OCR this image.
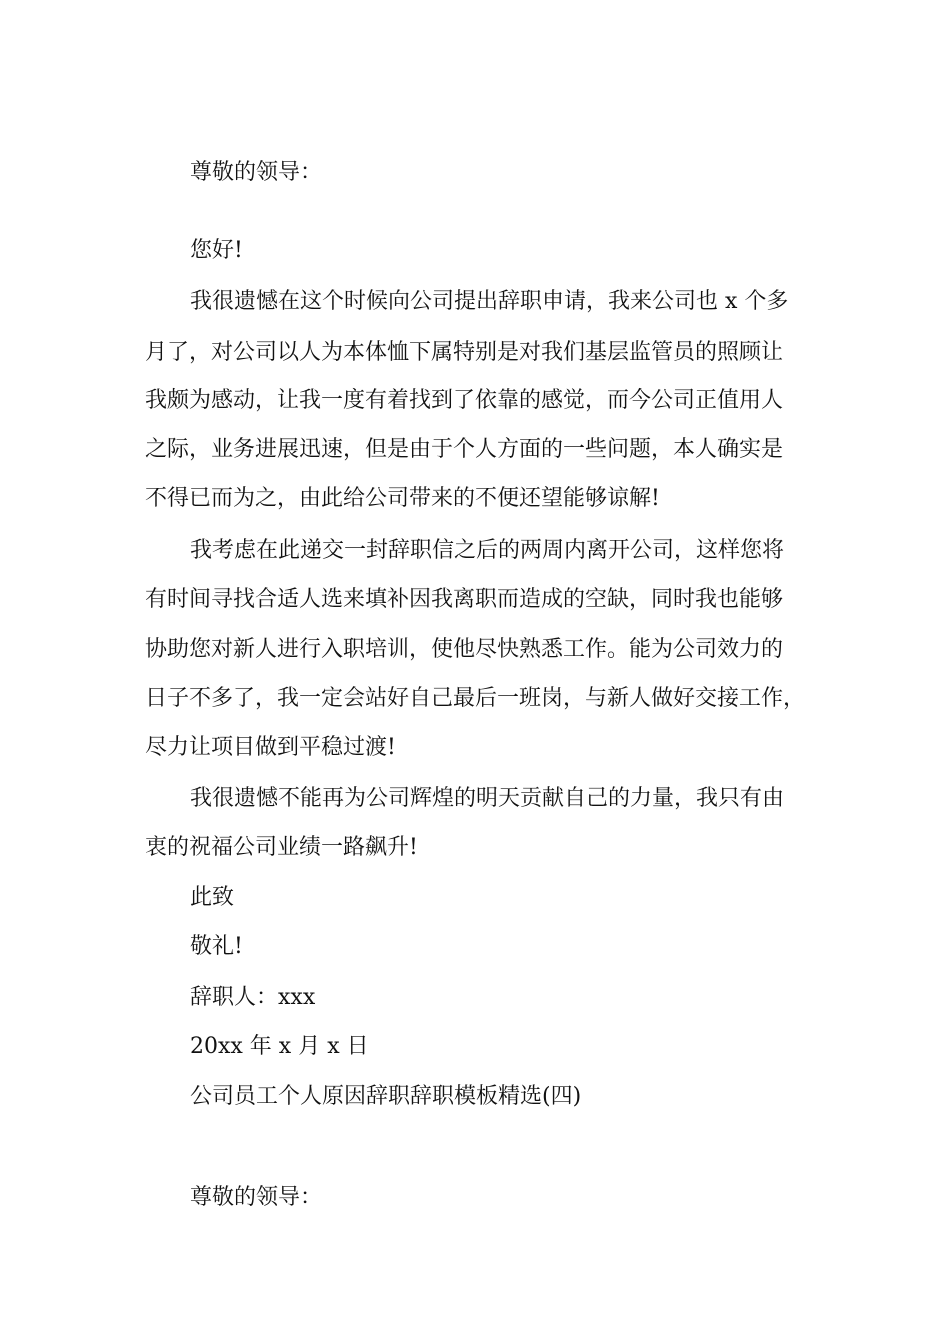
尊敬的领导：
您好!
我很遗憾在这个时候向公司提出辞职申请，我来公司也 x 个多
月了，对公司以人为本体恤下属特别是对我们基层监管员的照顾让
我颇为感动，让我一度有着找到了依靠的感觉，而今公司正值用人
之际，业务进展迅速，但是由于个人方面的一些问题，本人确实是
不得已而为之，由此给公司带来的不便还望能够谅解!
我考虑在此递交一封辞职信之后的两周内离开公司，这样您将
有时间寻找合适人选来填补因我离职而造成的空缺，同时我也能够
协助您对新人进行入职培训，使他尽快熟悉工作。能为公司效力的
日子不多了，我一定会站好自己最后一班岗，与新人做好交接工作，
尽力让项目做到平稳过渡!
我很遗憾不能再为公司辉煌的明天贡献自己的力量，我只有由
衷的祝福公司业绩一路飙升!
此致
敬礼!
辞职人：xxx
20xx 年 x 月 x 日
公司员工个人原因辞职辞职模板精选(四)
尊敬的领导：
